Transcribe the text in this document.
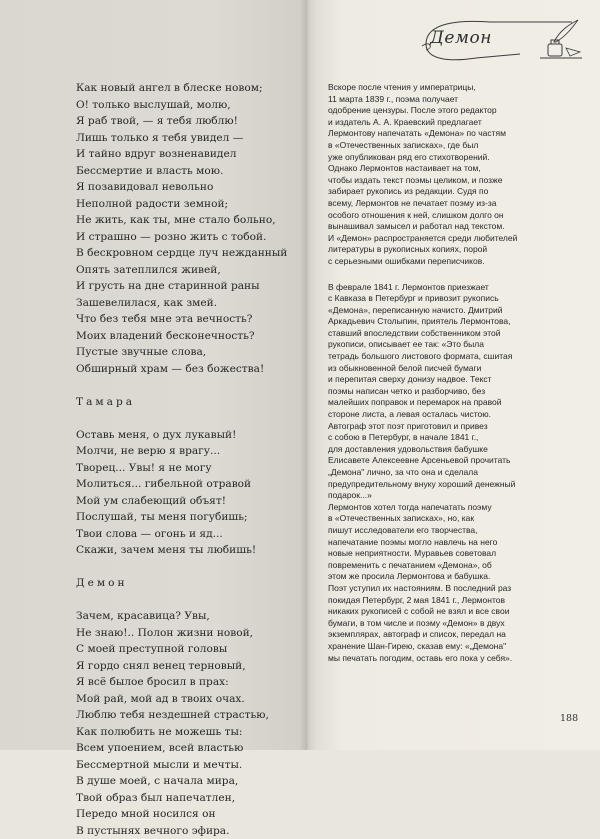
Как новый ангел в блеске новом;
О! только выслушай, молю,
Я раб твой, — я тебя люблю!
Лишь только я тебя увидел —
И тайно вдруг возненавидел
Бессмертие и власть мою.
Я позавидовал невольно
Неполной радости земной;
Не жить, как ты, мне стало больно,
И страшно — розно жить с тобой.
В бескровном сердце луч нежданный
Опять затеплился живей,
И грусть на дне старинной раны
Зашевелилася, как змей.
Что без тебя мне эта вечность?
Моих владений бесконечность?
Пустые звучные слова,
Обширный храм — без божества!
Тамара
Оставь меня, о дух лукавый!
Молчи, не верю я врагу...
Творец... Увы! я не могу
Молиться... гибельной отравой
Мой ум слабеющий объят!
Послушай, ты меня погубишь;
Твои слова — огонь и яд...
Скажи, зачем меня ты любишь!
Демон
Зачем, красавица? Увы,
Не знаю!.. Полон жизни новой,
С моей преступной головы
Я гордо снял венец терновый,
Я всё былое бросил в прах:
Мой рай, мой ад в твоих очах.
Люблю тебя нездешней страстью,
Как полюбить не можешь ты:
Всем упоением, всей властью
Бессмертной мысли и мечты.
В душе моей, с начала мира,
Твой образ был напечатлен,
Передо мной носился он
В пустынях вечного эфира.
Демон
Вскоре после чтения у императрицы,
11 марта 1839 г., поэма получает
одобрение цензуры. После этого редактор
и издатель А. А. Краевский предлагает
Лермонтову напечатать «Демона» по частям
в «Отечественных записках», где был
уже опубликован ряд его стихотворений.
Однако Лермонтов настаивает на том,
чтобы издать текст поэмы целиком, и позже
забирает рукопись из редакции. Судя по
всему, Лермонтов не печатает поэму из-за
особого отношения к ней, слишком долго он
вынашивал замысел и работал над текстом.
И «Демон» распространяется среди любителей
литературы в рукописных копиях, порой
с серьезными ошибками переписчиков.
В феврале 1841 г. Лермонтов приезжает
с Кавказа в Петербург и привозит рукопись
«Демона», переписанную начисто. Дмитрий
Аркадьевич Столыпин, приятель Лермонтова,
ставший впоследствии собственником этой
рукописи, описывает ее так: «Это была
тетрадь большого листового формата, сшитая
из обыкновенной белой писчей бумаги
и перепитая сверху донизу надвое. Текст
поэмы написан четко и разборчиво, без
малейших поправок и перемарок на правой
стороне листа, а левая осталась чистою.
Автограф этот поэт приготовил и привез
с собою в Петербург, в начале 1841 г.,
для доставления удовольствия бабушке
Елисавете Алексеевне Арсеньевой прочитать
„Демона" лично, за что она и сделала
предупредительному внуку хороший денежный
подарок...»
Лермонтов хотел тогда напечатать поэму
в «Отечественных записках», но, как
пишут исследователи его творчества,
напечатание поэмы могло навлечь на него
новые неприятности. Муравьев советовал
повременить с печатанием «Демона», об
этом же просила Лермонтова и бабушка.
Поэт уступил их настояниям. В последний раз
покидая Петербург, 2 мая 1841 г., Лермонтов
никаких рукописей с собой не взял и все свои
бумаги, в том числе и поэму «Демон» в двух
экземплярах, автограф и список, передал на
хранение Шан-Гирею, сказав ему: «„Демона"
мы печатать погодим, оставь его пока у себя».
188
